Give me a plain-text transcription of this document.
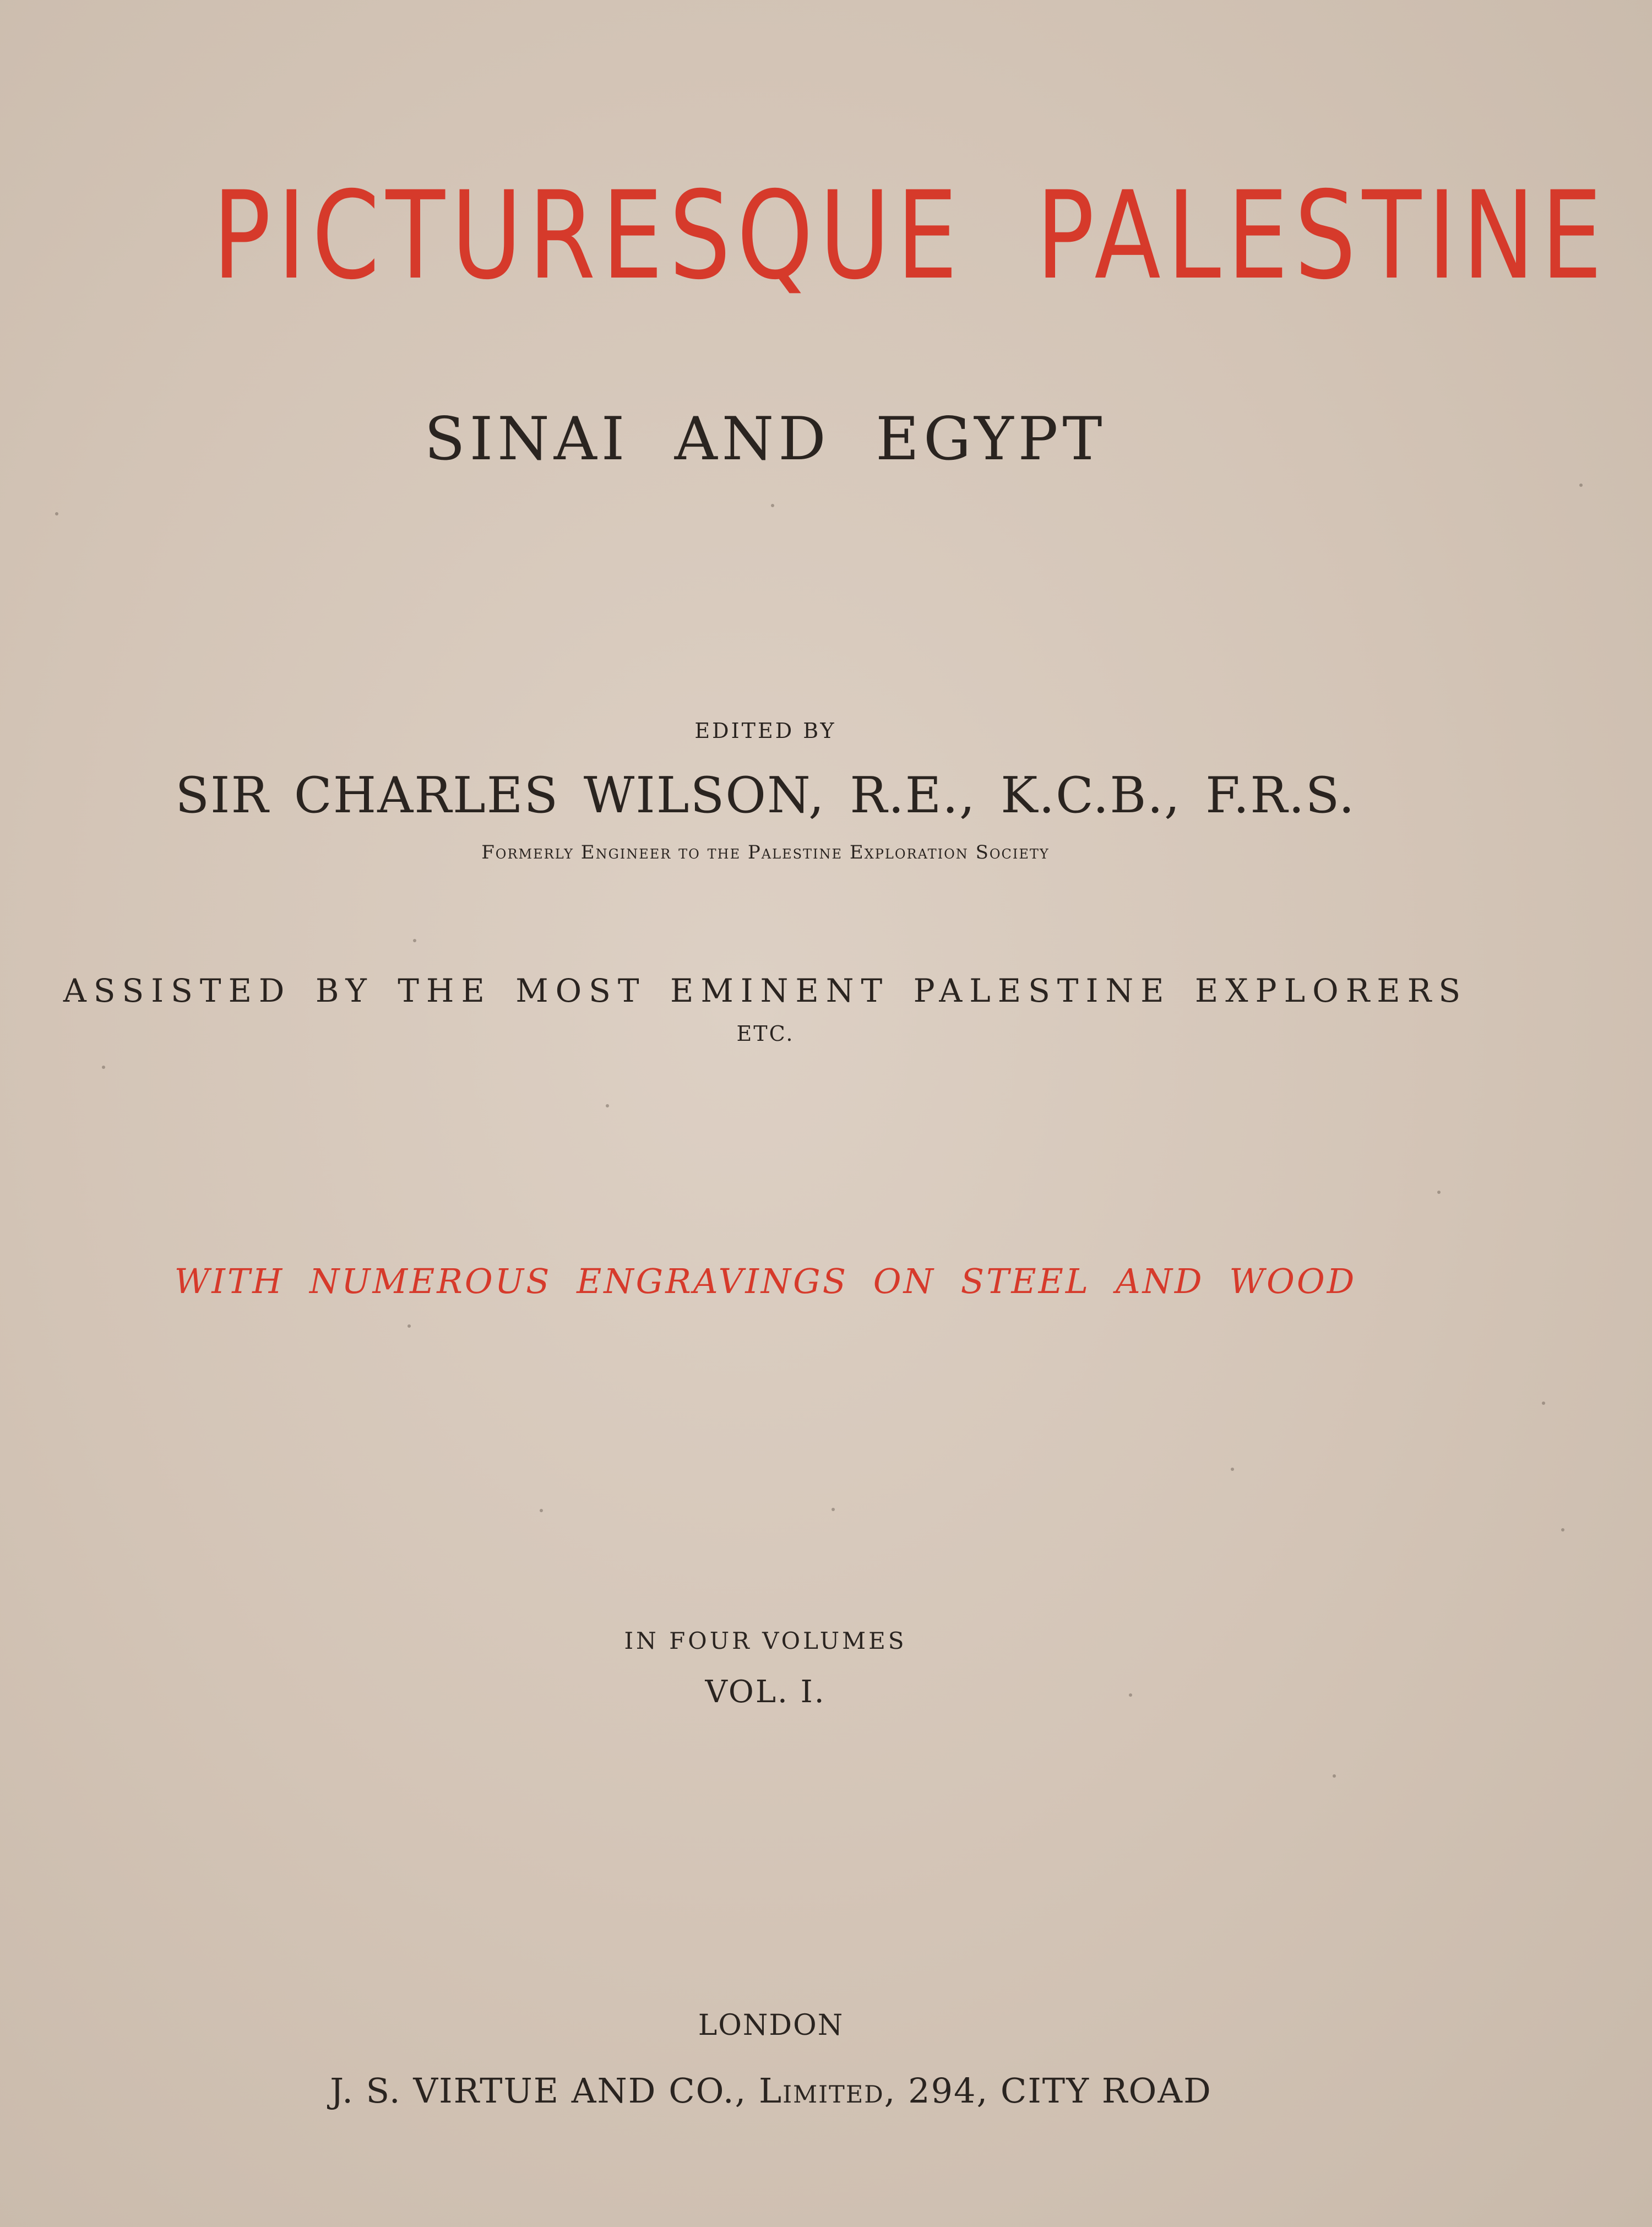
PICTURESQUE PALESTINE
SINAI AND EGYPT
EDITED BY
SIR CHARLES WILSON, R.E., K.C.B., F.R.S.
Formerly Engineer to the Palestine Exploration Society
ASSISTED BY THE MOST EMINENT PALESTINE EXPLORERS
ETC.
WITH NUMEROUS ENGRAVINGS ON STEEL AND WOOD
IN FOUR VOLUMES
VOL. I.
LONDON
J. S. VIRTUE AND CO., Limited, 294, CITY ROAD
